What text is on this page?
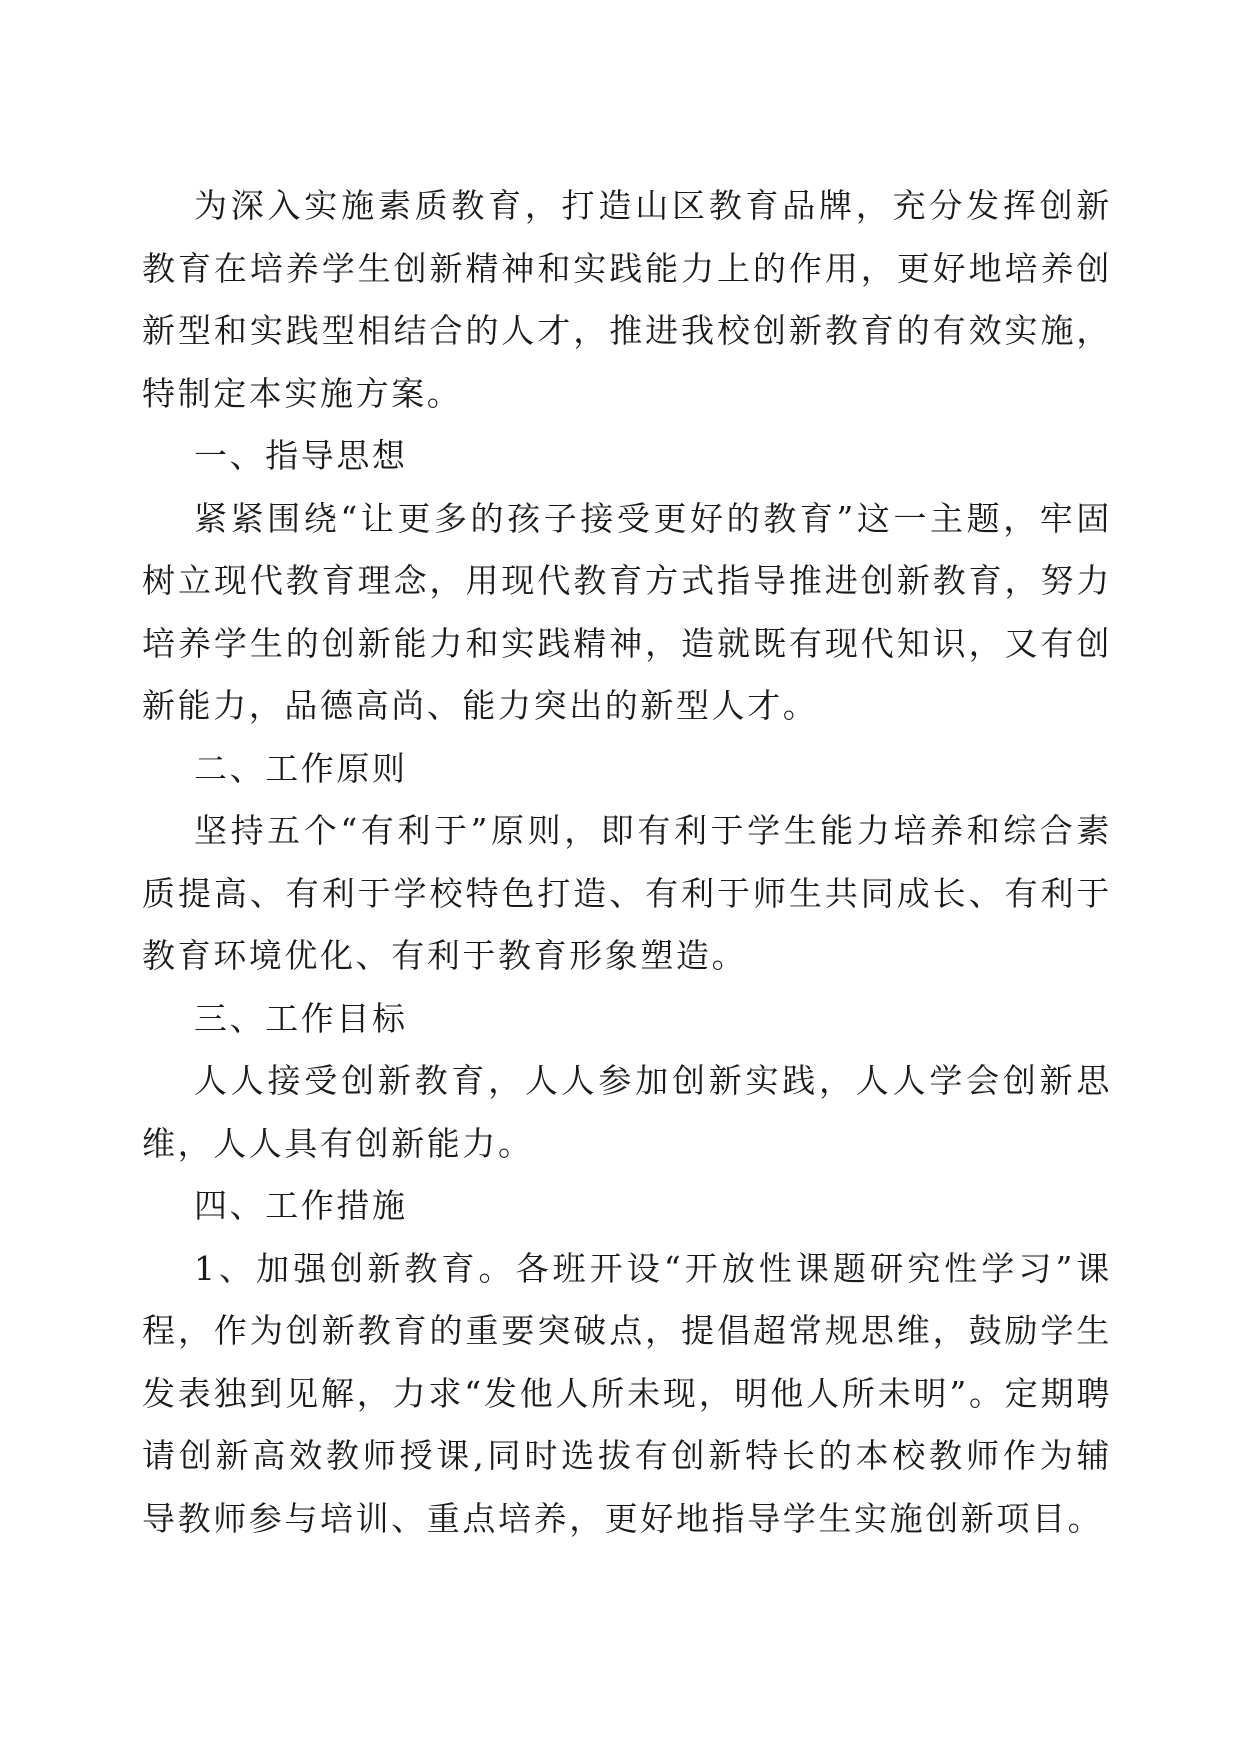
为深入实施素质教育，打造山区教育品牌，充分发挥创新教育在培养学生创新精神和实践能力上的作用，更好地培养创新型和实践型相结合的人才，推进我校创新教育的有效实施，特制定本实施方案。

一、指导思想

紧紧围绕“让更多的孩子接受更好的教育”这一主题，牢固树立现代教育理念，用现代教育方式指导推进创新教育，努力培养学生的创新能力和实践精神，造就既有现代知识，又有创新能力，品德高尚、能力突出的新型人才。

二、工作原则

坚持五个“有利于”原则，即有利于学生能力培养和综合素质提高、有利于学校特色打造、有利于师生共同成长、有利于教育环境优化、有利于教育形象塑造。

三、工作目标

人人接受创新教育，人人参加创新实践，人人学会创新思维，人人具有创新能力。

四、工作措施

1、加强创新教育。各班开设“开放性课题研究性学习”课程，作为创新教育的重要突破点，提倡超常规思维，鼓励学生发表独到见解，力求“发他人所未现，明他人所未明”。定期聘请创新高效教师授课,同时选拔有创新特长的本校教师作为辅导教师参与培训、重点培养，更好地指导学生实施创新项目。
